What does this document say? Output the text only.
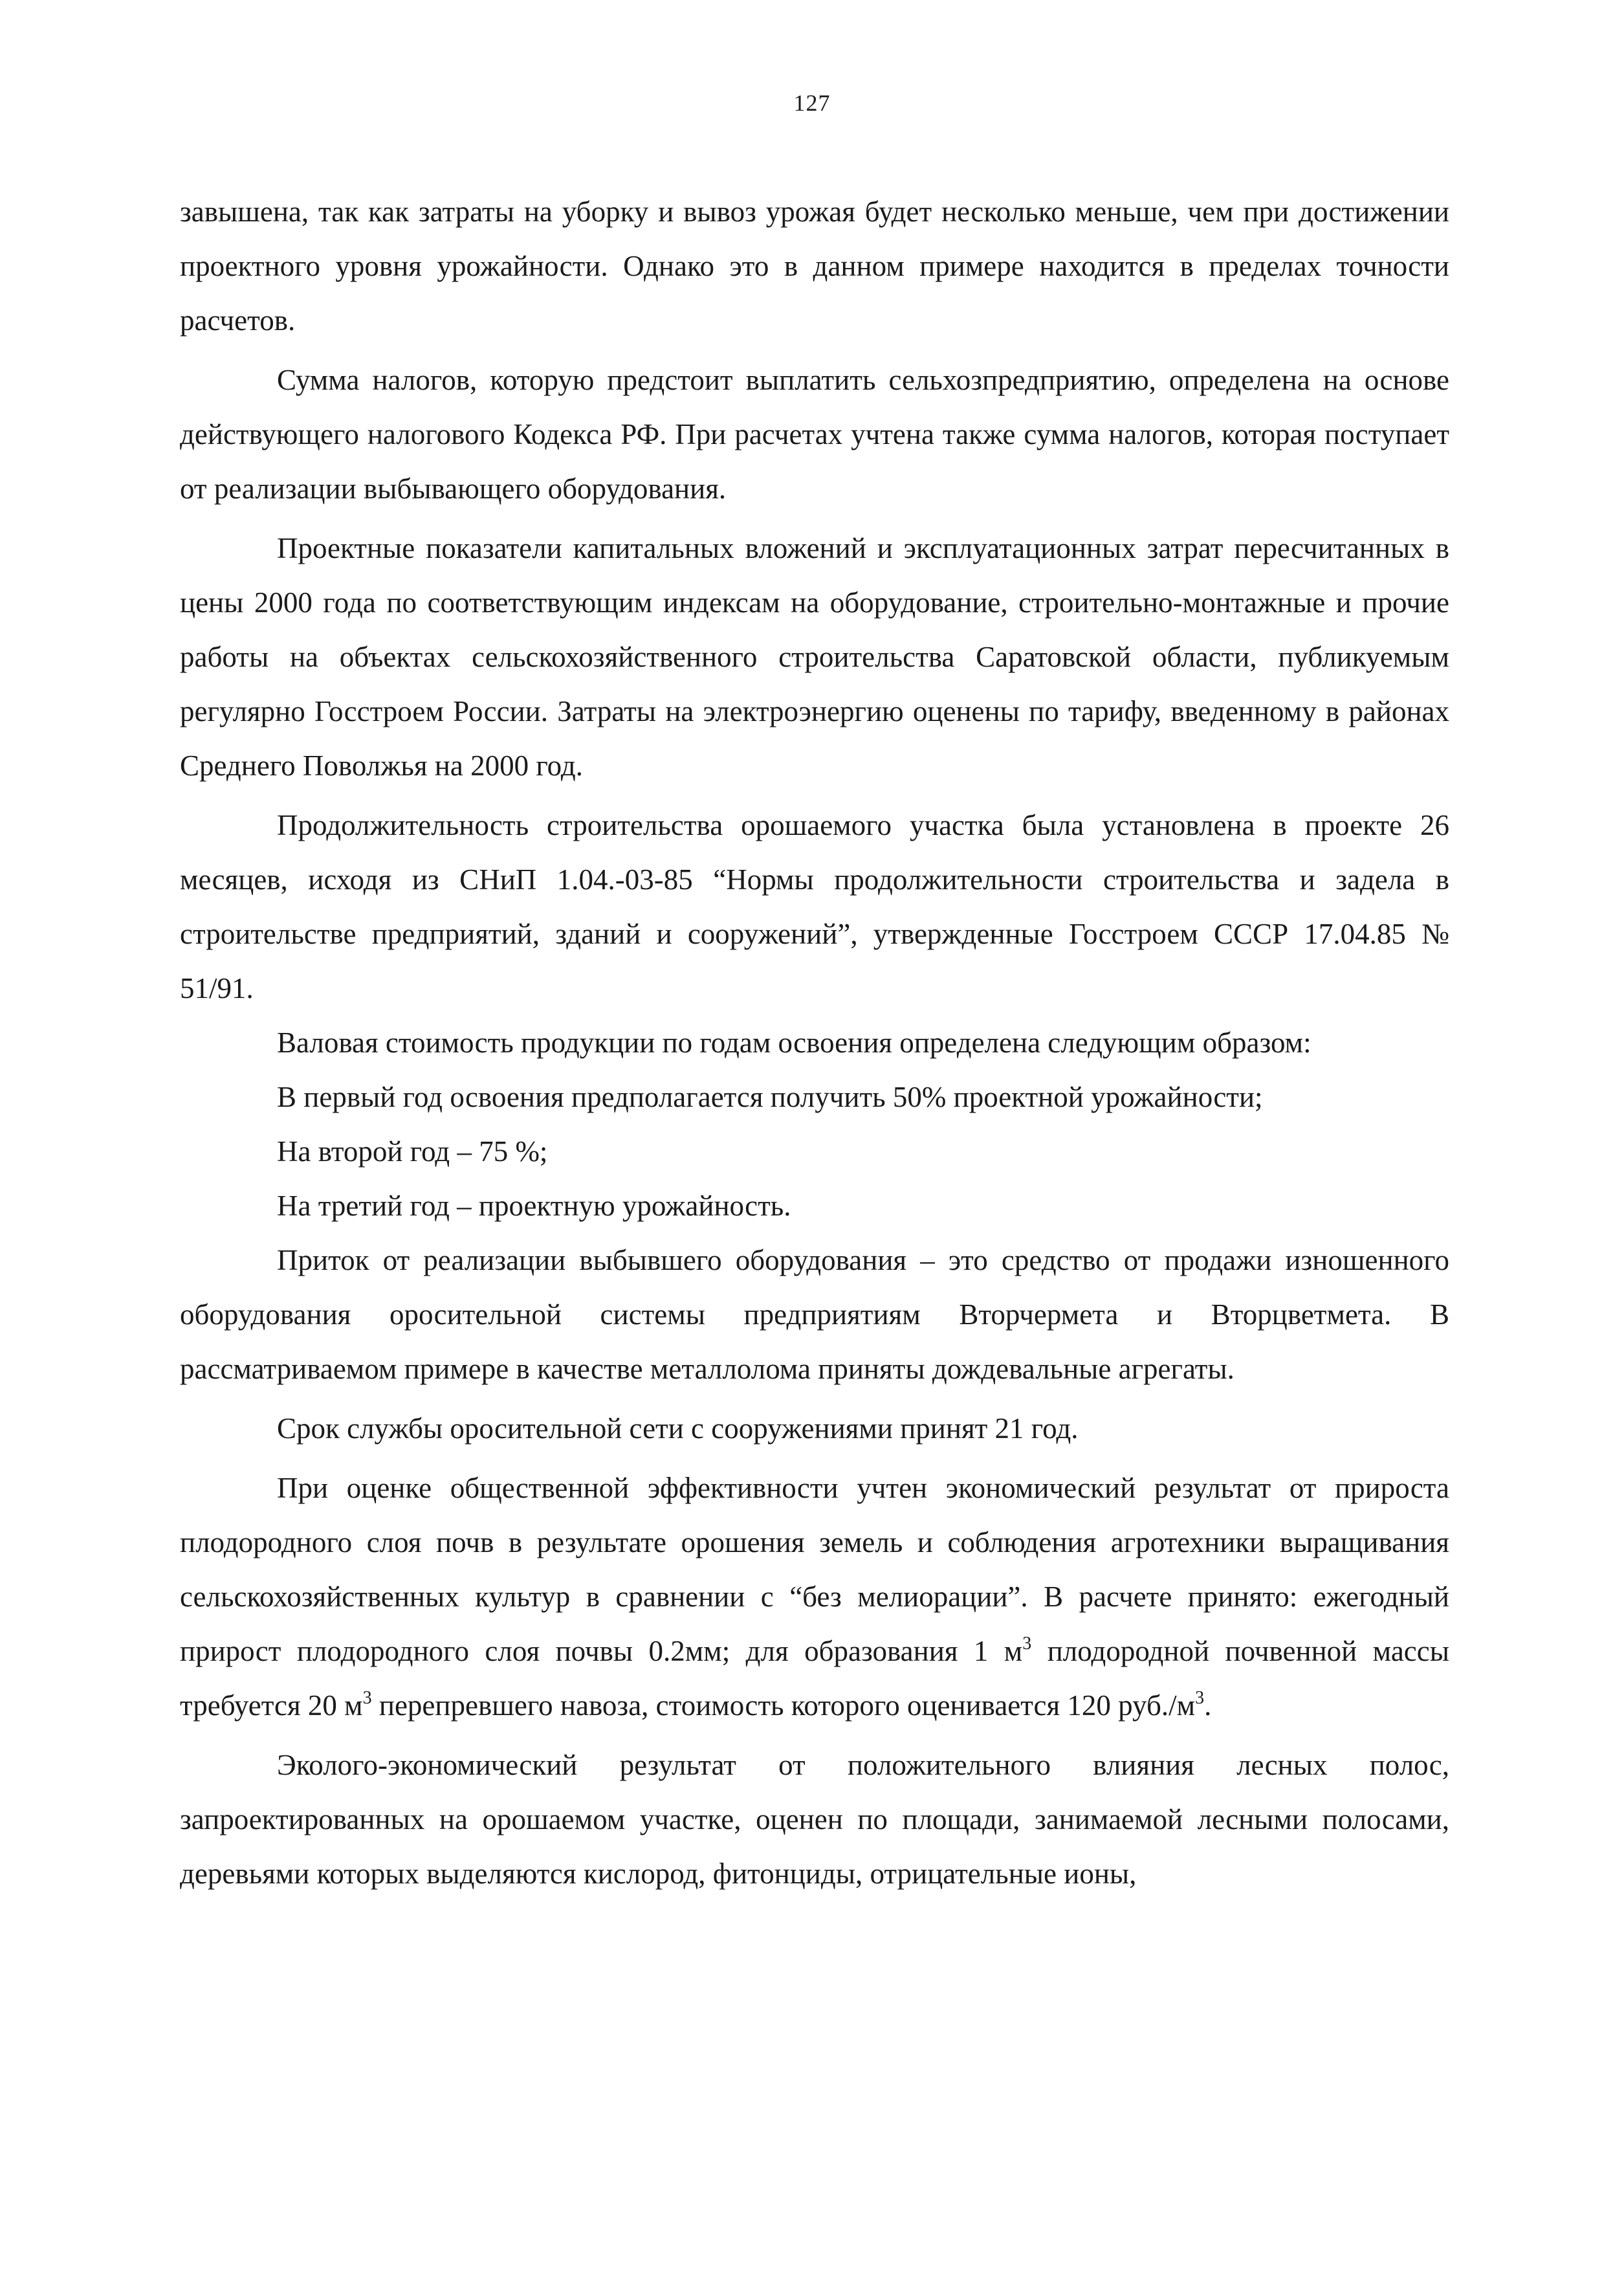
127

завышена, так как затраты на уборку и вывоз урожая будет несколько меньше, чем при достижении проектного уровня урожайности. Однако это в данном примере находится в пределах точности расчетов.

Сумма налогов, которую предстоит выплатить сельхозпредприятию, определена на основе действующего налогового Кодекса РФ. При расчетах учтена также сумма налогов, которая поступает от реализации выбывающего оборудования.

Проектные показатели капитальных вложений и эксплуатационных затрат пересчитанных в цены 2000 года по соответствующим индексам на оборудование, строительно-монтажные и прочие работы на объектах сельскохозяйственного строительства Саратовской области, публикуемым регулярно Госстроем России. Затраты на электроэнергию оценены по тарифу, введенному в районах Среднего Поволжья на 2000 год.

Продолжительность строительства орошаемого участка была установлена в проекте 26 месяцев, исходя из СНиП 1.04.-03-85 “Нормы продолжительности строительства и задела в строительстве предприятий, зданий и сооружений”, утвержденные Госстроем СССР 17.04.85 № 51/91.

Валовая стоимость продукции по годам освоения определена следующим образом:

В первый год освоения предполагается получить 50% проектной урожайности;

На второй год – 75 %;

На третий год – проектную урожайность.

Приток от реализации выбывшего оборудования – это средство от продажи изношенного оборудования оросительной системы предприятиям Вторчермета и Вторцветмета. В рассматриваемом примере в качестве металлолома приняты дождевальные агрегаты.

Срок службы оросительной сети с сооружениями принят 21 год.

При оценке общественной эффективности учтен экономический результат от прироста плодородного слоя почв в результате орошения земель и соблюдения агротехники выращивания сельскохозяйственных культур в сравнении с “без мелиорации”. В расчете принято: ежегодный прирост плодородного слоя почвы 0.2мм; для образования 1 $м^3$ плодородной почвенной массы требуется 20 $м^3$ перепревшего навоза, стоимость которого оценивается 120 $руб./м^3$.

Эколого-экономический результат от положительного влияния лесных полос, запроектированных на орошаемом участке, оценен по площади, занимаемой лесными полосами, деревьями которых выделяются кислород, фитонциды, отрицательные ионы,
